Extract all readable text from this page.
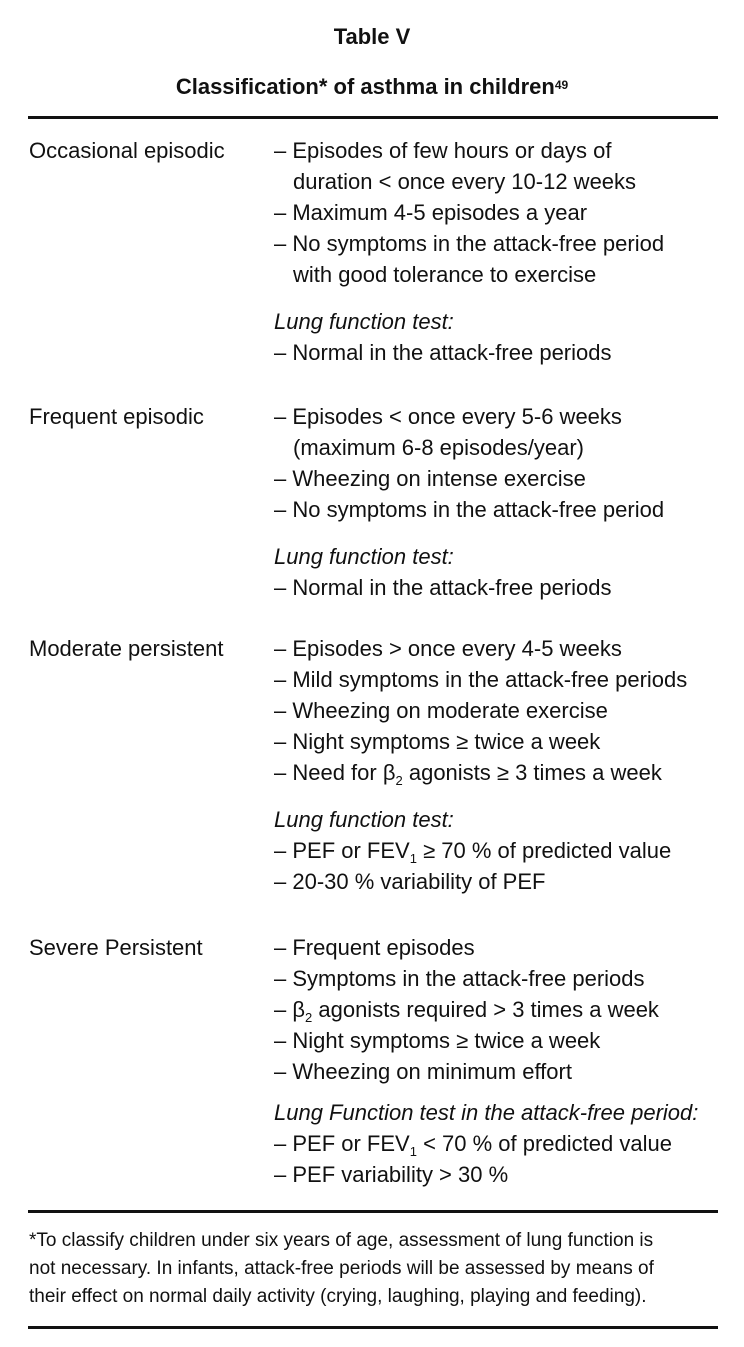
Table V
Classification* of asthma in children$^{49}$
Occasional episodic – Episodes of few hours or days of
duration < once every 10-12 weeks
– Maximum 4-5 episodes a year
– No symptoms in the attack-free period
with good tolerance to exercise
Lung function test:
– Normal in the attack-free periods
Frequent episodic	– Episodes < once every 5-6 weeks
(maximum 6-8 episodes/year)
– Wheezing on intense exercise
– No symptoms in the attack-free period
Lung function test:
– Normal in the attack-free periods
Moderate persistent – Episodes > once every 4-5 weeks
– Mild symptoms in the attack-free periods
– Wheezing on moderate exercise
– Night symptoms ≥ twice a week
– Need for $\beta_2$ agonists ≥ 3 times a week
Lung function test:
– PEF or $FEV_1 \ge 70$ % of predicted value
– 20-30 % variability of PEF
Severe Persistent	– Frequent episodes
– Symptoms in the attack-free periods
– $\beta_2$ agonists required > 3 times a week
– Night symptoms ≥ twice a week
– Wheezing on minimum effort
Lung Function test in the attack-free period:
– PEF or $FEV_1 < 70$ % of predicted value
– PEF variability > 30 %
*To classify children under six years of age, assessment of lung function is
not necessary. In infants, attack-free periods will be assessed by means of
their effect on normal daily activity (crying, laughing, playing and feeding).
